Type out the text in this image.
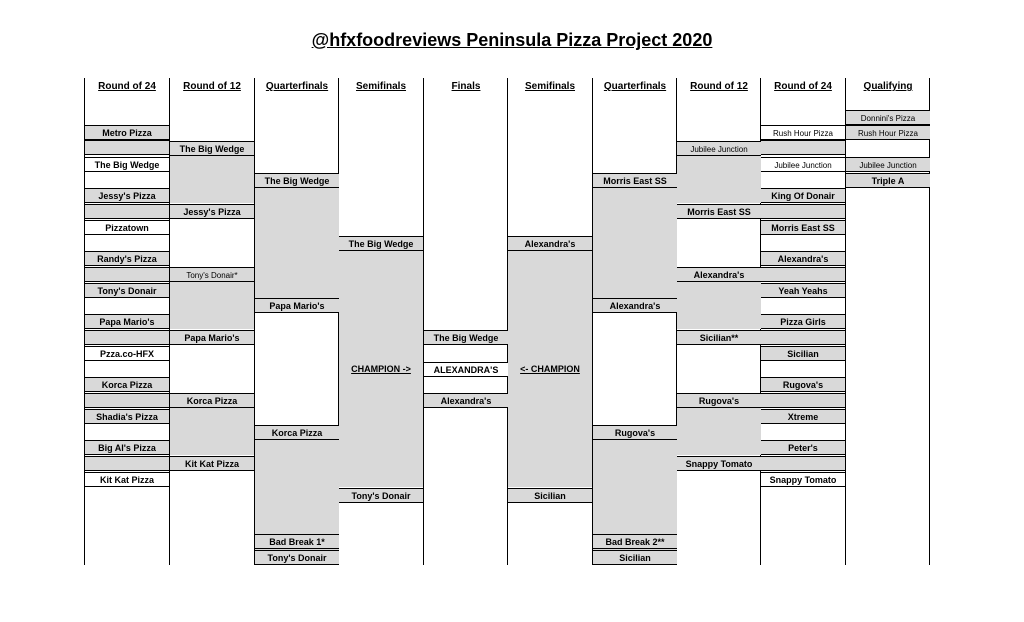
@hfxfoodreviews Peninsula Pizza Project 2020
Round of 24
Metro Pizza
The Big Wedge
Jessy's Pizza
Pizzatown
Randy's Pizza
Tony's Donair
Papa Mario's
Pzza.co-HFX
Korca Pizza
Shadia's Pizza
Big Al's Pizza
Kit Kat Pizza
Round of 12
The Big Wedge
Jessy's Pizza
Tony's Donair*
Papa Mario's
Korca Pizza
Kit Kat Pizza
Quarterfinals
The Big Wedge
Papa Mario's
Korca Pizza
Bad Break 1*
Tony's Donair
Semifinals
The Big Wedge
CHAMPION ->
Tony's Donair
Finals
The Big Wedge
ALEXANDRA'S
Alexandra's
Semifinals
Alexandra's
<- CHAMPION
Sicilian
Quarterfinals
Morris East SS
Alexandra's
Rugova's
Bad Break 2**
Sicilian
Round of 12
Jubilee Junction
Morris East SS
Alexandra's
Sicilian**
Rugova's
Snappy Tomato
Round of 24
Rush Hour Pizza
Jubilee Junction
King Of Donair
Morris East SS
Alexandra's
Yeah Yeahs
Pizza Girls
Sicilian
Rugova's
Xtreme
Peter's
Snappy Tomato
Qualifying
Donnini's Pizza
Rush Hour Pizza
Jubilee Junction
Triple A
